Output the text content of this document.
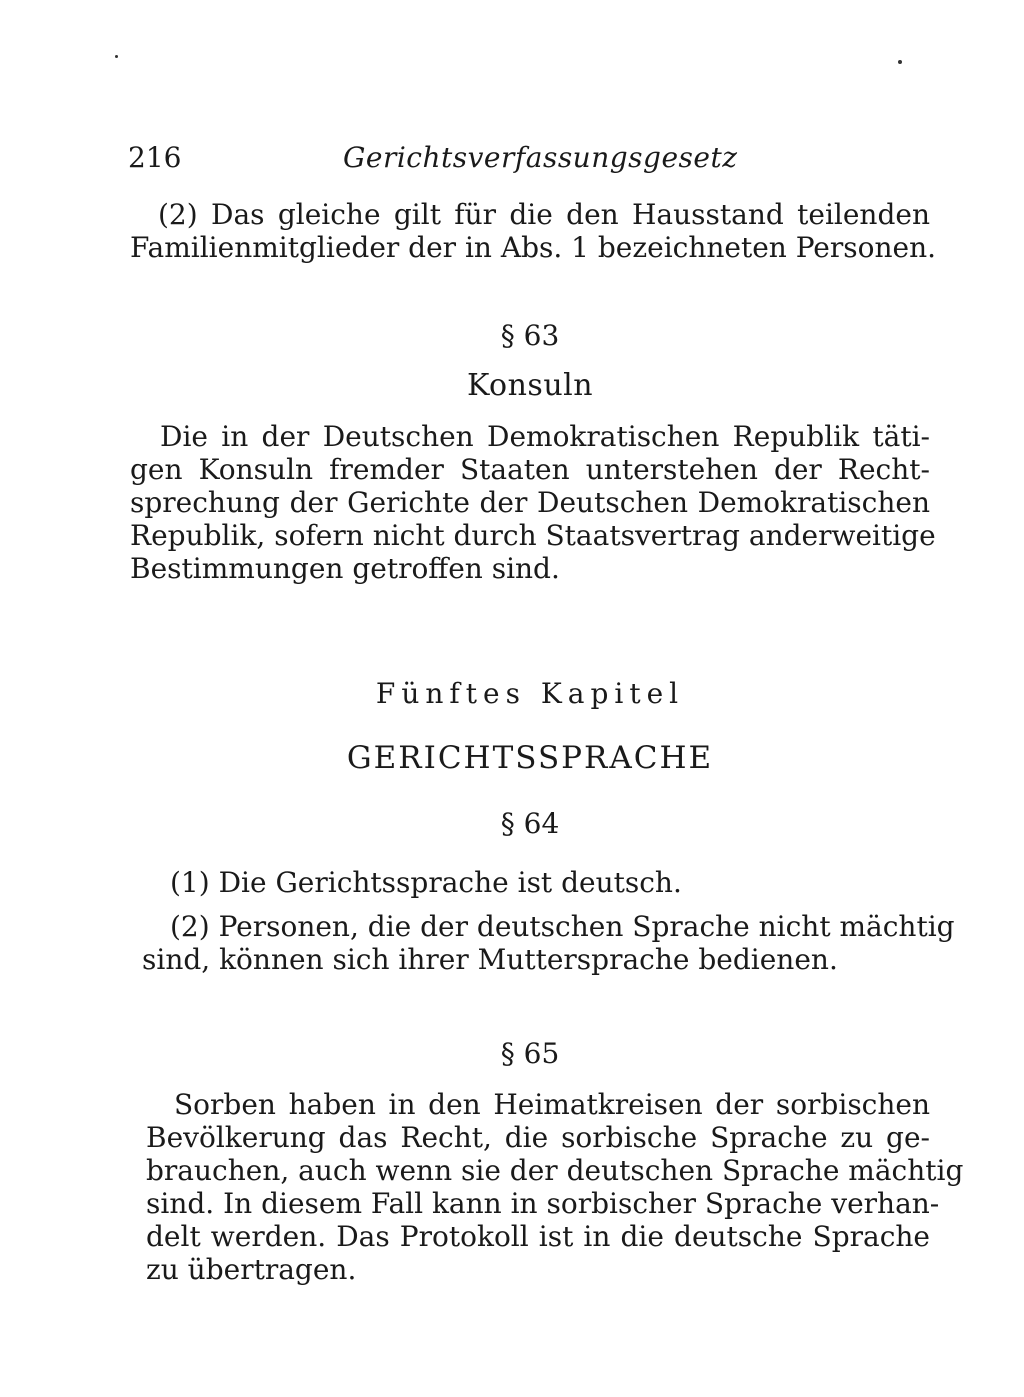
216	Gerichtsverfassungsgesetz
(2) Das gleiche gilt für die den Hausstand teilenden
Familienmitglieder der in Abs. 1 bezeichneten Personen.
§ 63
Konsuln
Die in der Deutschen Demokratischen Republik täti-
gen Konsuln fremder Staaten unterstehen der Recht-
sprechung der Gerichte der Deutschen Demokratischen
Republik, sofern nicht durch Staatsvertrag anderweitige
Bestimmungen getroffen sind.
Fünftes Kapitel
GERICHTSSPRACHE
§ 64
(1) Die Gerichtssprache ist deutsch.
(2) Personen, die der deutschen Sprache nicht mächtig
sind, können sich ihrer Muttersprache bedienen.
§ 65
Sorben haben in den Heimatkreisen der sorbischen
Bevölkerung das Recht, die sorbische Sprache zu ge-
brauchen, auch wenn sie der deutschen Sprache mächtig
sind. In diesem Fall kann in sorbischer Sprache verhan-
delt werden. Das Protokoll ist in die deutsche Sprache
zu übertragen.
